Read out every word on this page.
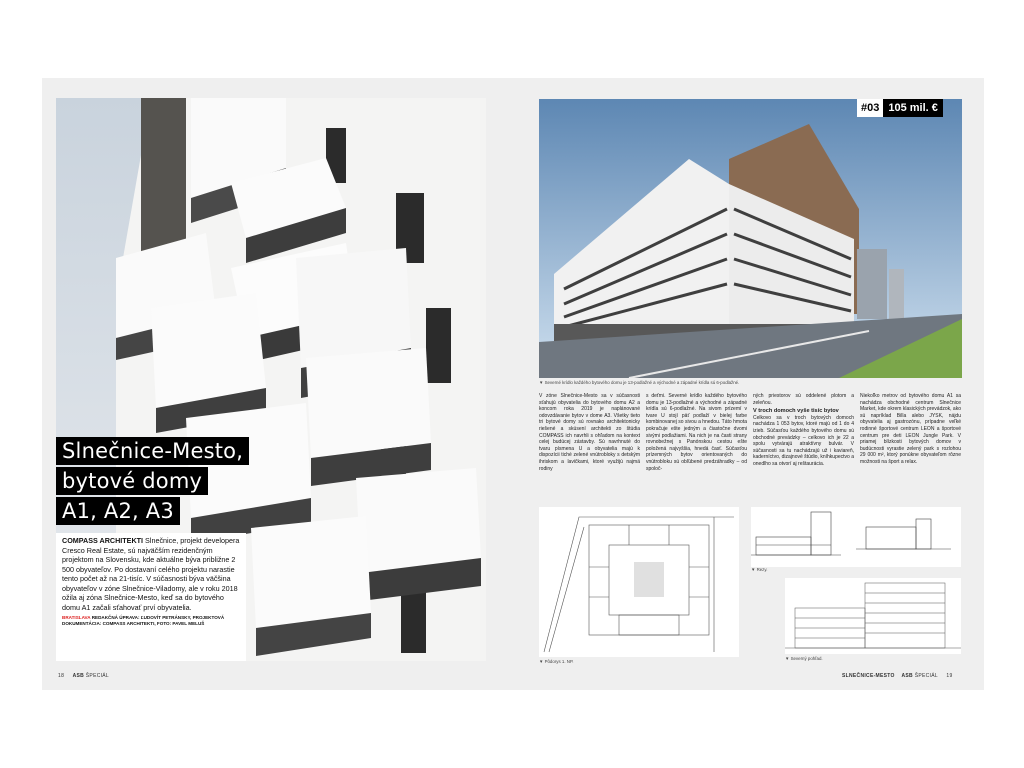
Slnečnice-Mesto,
bytové domy
A1, A2, A3

COMPASS ARCHITEKTI Slnečnice, projekt developera Cresco Real Estate, sú najväčším rezidenčným projektom na Slovensku, kde aktuálne býva približne 2 500 obyvateľov. Po dostavaní celého projektu narastie tento počet až na 21-tisíc. V súčasnosti býva väčšina obyvateľov v zóne Slnečnice-Viladomy, ale v roku 2018 ožila aj zóna Slnečnice-Mesto, keď sa do bytového domu A1 začali sťahovať prví obyvatelia.

BRATISLAVA REDAKČNÁ ÚPRAVA: ĽUDOVÍT PETRÁNSKY, PROJEKTOVÁ DOKUMENTÁCIA: COMPASS ARCHITEKTI, FOTO: PAVEL MELUŠ

18 ASB ŠPECIÁL
#03 105 mil. €
▼ Severné krídlo každého bytového domu je 13-podlažné a východné a západné krídla sú 6-podlažné.

V zóne Slnečnice-Mesto sa v súčasnosti sťahujú obyvatelia do bytového domu A2 a koncom roka 2019 je naplánované odovzdávanie bytov v dome A3. Všetky tieto tri bytové domy sú rovnako architektonicky riešené a skúsení architekti zo štúdia COMPASS ich navrhli s ohľadom na kontext celej budúcej zástavby. Sú navrhnuté do tvaru písmena U a obyvatelia majú k dispozícii tiché zelené vnútrobloky s detským ihriskom a lavičkami, ktoré využijú najmä rodiny

s deťmi. Severné krídlo každého bytového domu je 13-podlažné a východné a západné krídla sú 6-podlažné. Na sivom prízemí v tvare U stojí päť podlaží v bielej farbe kombinovanej so sivou a hnedou. Táto hmota pokračuje ešte jedným a čiastočne dvomi sivými podlažiami. Na nich je na časti strany rovnobežnej s Panónskou cestou ešte položená najvyššia, hnedá časť. Súčasťou prízemných bytov orientovaných do vnútrobloku sú obľúbené predzáhradky – od spoloč-

ných priestorov sú oddelené plotom a zeleňou.

V troch domoch vyše tisíc bytov

Celkovo sa v troch bytových domoch nachádza 1 053 bytov, ktoré majú od 1 do 4 izieb. Súčasťou každého bytového domu sú obchodné prevádzky – celkovo ich je 22 a spolu vytvárajú atraktívny bulvár. V súčasnosti sa tu nachádzajú už i kaviareň, kaderníctvo, dizajnové štúdio, kníhkupectvo a onedlho sa otvorí aj reštaurácia.

▼ Pôdorys 1. NP.
▼ Rezy.
▼ Severný pohľad.
SLNEČNICE-MESTO ASB ŠPECIÁL 19

Niekoľko metrov od bytového domu A1 sa nachádza obchodné centrum Slnečnice Market, kde okrem klasických prevádzok, ako sú napríklad Billa alebo JYSK, nájdu obyvatelia aj gastrozónu, prípadne veľké rodinné športové centrum LEON a športové centrum pre deti LEON Jungle Park. V priamej blízkosti bytových domov v budúcnosti vyrastie zelený park s rozlohou 29 000 m², ktorý ponúkne obyvateľom rôzne možnosti na šport a relax.
